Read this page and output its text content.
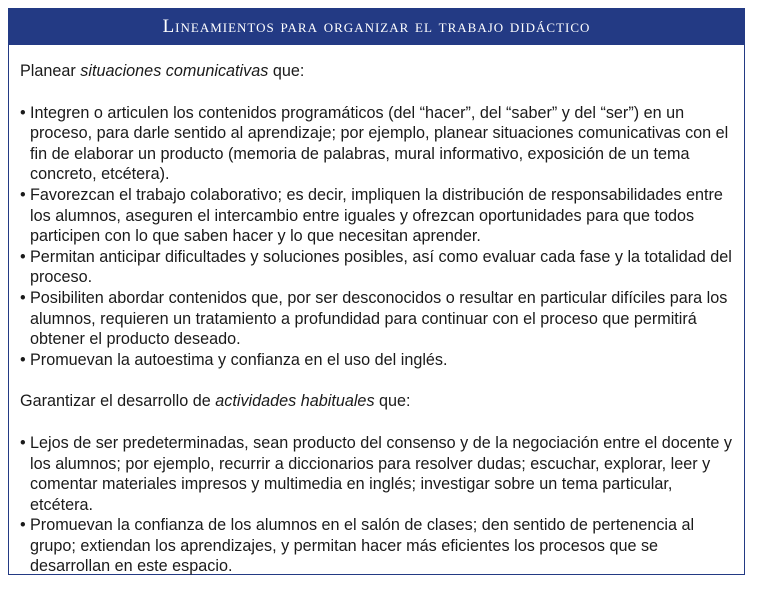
Lineamientos para organizar el trabajo didáctico

Planear situaciones comunicativas que:

• Integren o articulen los contenidos programáticos (del “hacer”, del “saber” y del “ser”) en un proceso, para darle sentido al aprendizaje; por ejemplo, planear situaciones comunicativas con el fin de elaborar un producto (memoria de palabras, mural informativo, exposición de un tema concreto, etcétera).
• Favorezcan el trabajo colaborativo; es decir, impliquen la distribución de responsabilidades entre los alumnos, aseguren el intercambio entre iguales y ofrezcan oportunidades para que todos participen con lo que saben hacer y lo que necesitan aprender.
• Permitan anticipar dificultades y soluciones posibles, así como evaluar cada fase y la totalidad del proceso.
• Posibiliten abordar contenidos que, por ser desconocidos o resultar en particular difíciles para los alumnos, requieren un tratamiento a profundidad para continuar con el proceso que permitirá obtener el producto deseado.
• Promuevan la autoestima y confianza en el uso del inglés.

Garantizar el desarrollo de actividades habituales que:

• Lejos de ser predeterminadas, sean producto del consenso y de la negociación entre el docente y los alumnos; por ejemplo, recurrir a diccionarios para resolver dudas; escuchar, explorar, leer y comentar materiales impresos y multimedia en inglés; investigar sobre un tema particular, etcétera.
• Promuevan la confianza de los alumnos en el salón de clases; den sentido de pertenencia al grupo; extiendan los aprendizajes, y permitan hacer más eficientes los procesos que se desarrollan en este espacio.
